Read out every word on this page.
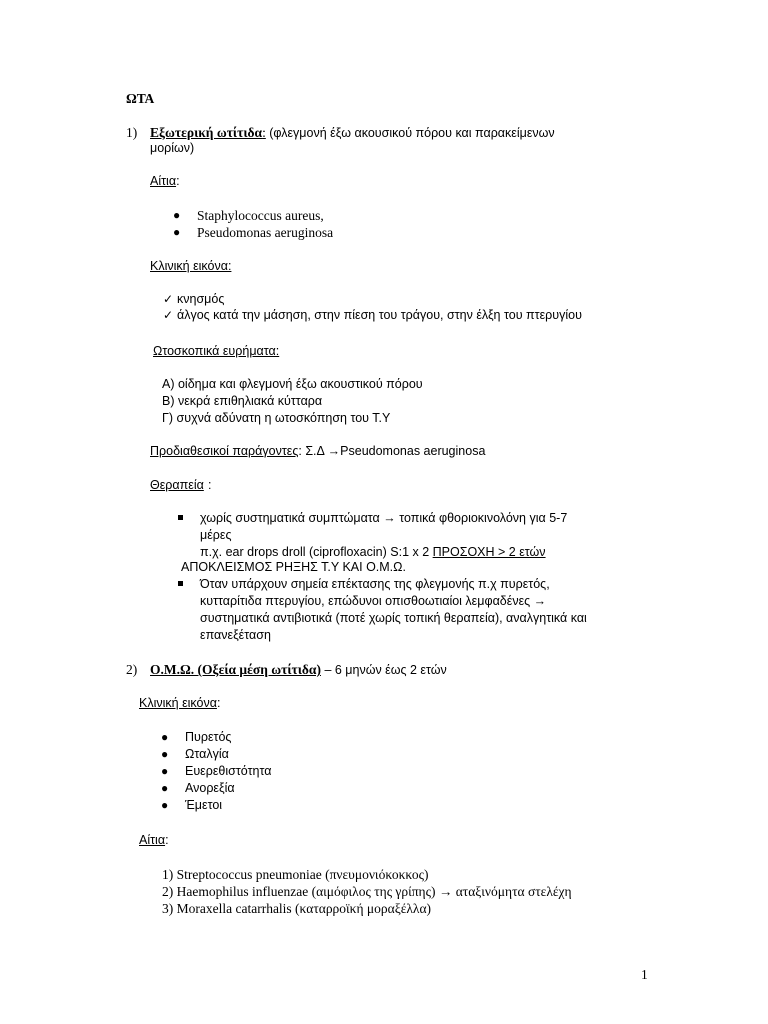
ΩΤΑ
1) Εξωτερική ωτίτιδα: (φλεγμονή έξω ακουσικού πόρου και παρακείμενων
μορίων)
Αίτια:
● Staphylococcus aureus,
● Pseudomonas aeruginosa
Κλινική εικόνα:
✓ κνησμός
✓ άλγος κατά την μάσηση, στην πίεση του τράγου, στην έλξη του πτερυγίου
Ωτοσκοπικά ευρήματα:
Α) οίδημα και φλεγμονή έξω ακουστικού πόρου
Β) νεκρά επιθηλιακά κύτταρα
Γ) συχνά αδύνατη η ωτοσκόπηση του Τ.Υ
Προδιαθεσικοί παράγοντες: Σ.Δ →Pseudomonas aeruginosa
Θεραπεία :
χωρίς συστηματικά συμπτώματα → τοπικά φθοριοκινολόνη για 5-7
μέρες
π.χ. ear drops droll (ciprofloxacin) S:1 x 2 ΠΡΟΣΟΧΗ > 2 ετών
ΑΠΟΚΛΕΙΣΜΟΣ ΡΗΞΗΣ Τ.Υ ΚΑΙ Ο.Μ.Ω.
Όταν υπάρχουν σημεία επέκτασης της φλεγμονής π.χ πυρετός,
κυτταρίτιδα πτερυγίου, επώδυνοι οπισθοωτιαίοι λεμφαδένες →
συστηματικά αντιβιοτικά (ποτέ χωρίς τοπική θεραπεία), αναλγητικά και
επανεξέταση
2) Ο.Μ.Ω. (Οξεία μέση ωτίτιδα) – 6 μηνών έως 2 ετών
Κλινική εικόνα:
● Πυρετός
● Ωταλγία
● Ευερεθιστότητα
● Ανορεξία
● Έμετοι
Αίτια:
1) Streptococcus pneumoniae (πνευμονιόκοκκος)
2) Haemophilus influenzae (αιμόφιλος της γρίπης) → αταξινόμητα στελέχη
3) Moraxella catarrhalis (καταρροϊκή μοραξέλλα)
1
